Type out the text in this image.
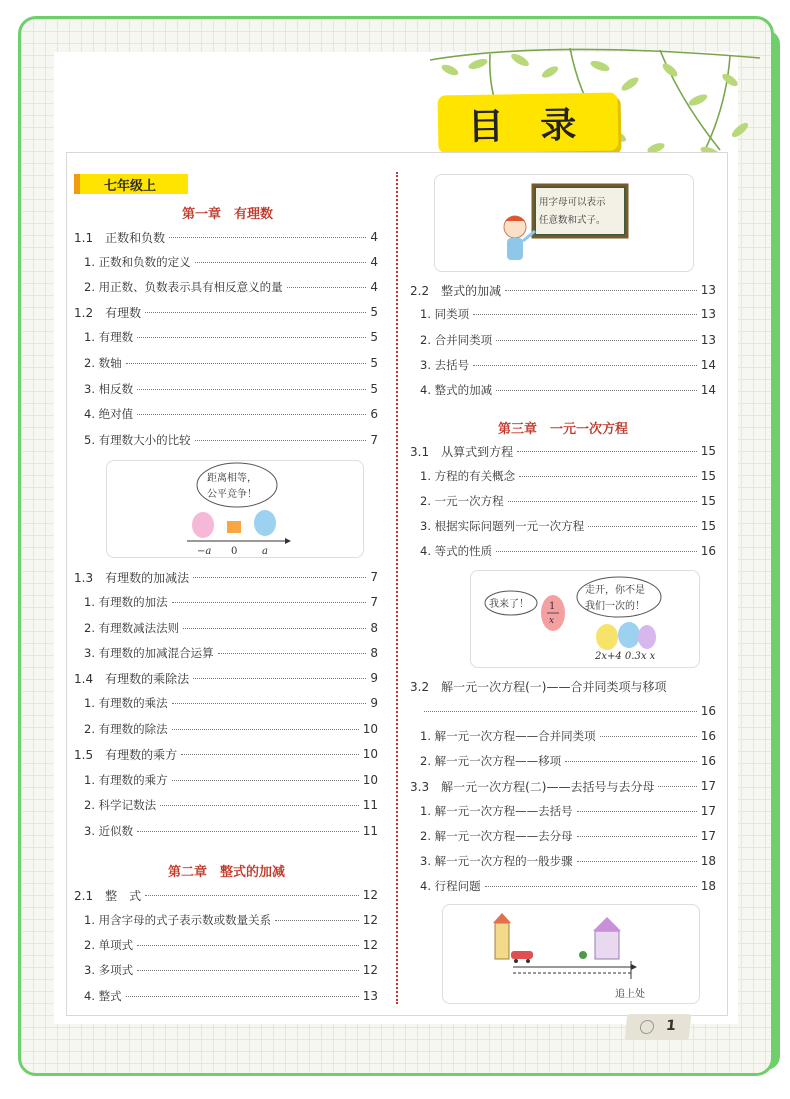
目 录
七年级上
第一章　有理数
第二章　整式的加减
第三章　一元一次方程
1.1　正数和负数	4
1. 正数和负数的定义	4
2. 用正数、负数表示具有相反意义的量	4
1.2　有理数	5
1. 有理数	5
2. 数轴	5
3. 相反数	5
4. 绝对值	6
5. 有理数大小的比较	7
1.3　有理数的加减法	7
1. 有理数的加法	7
2. 有理数减法法则	8
3. 有理数的加减混合运算	8
1.4　有理数的乘除法	9
1. 有理数的乘法	9
2. 有理数的除法	10
1.5　有理数的乘方	10
1. 有理数的乘方	10
2. 科学记数法	11
3. 近似数	11
2.1　整　式	12
1. 用含字母的式子表示数或数量关系	12
2. 单项式	12
3. 多项式	12
4. 整式	13
2.2　整式的加减	13
1. 同类项	13
2. 合并同类项	13
3. 去括号	14
4. 整式的加减	14
3.1　从算式到方程	15
1. 方程的有关概念	15
2. 一元一次方程	15
3. 根据实际问题列一元一次方程	15
4. 等式的性质	16
3.2　解一元一次方程(一)——合并同类项与移项
16
1. 解一元一次方程——合并同类项	16
2. 解一元一次方程——移项	16
3.3　解一元一次方程(二)——去括号与去分母	17
1. 解一元一次方程——去括号	17
2. 解一元一次方程——去分母	17
3. 解一元一次方程的一般步骤	18
4. 行程问题	18
距离相等，
公平竞争！
−a 0 a
用字母可以表示
任意数和式子。
我来了！ 1
x
走开，你不是
我们一次的！
2x+4 0.3x x
追上处
1
